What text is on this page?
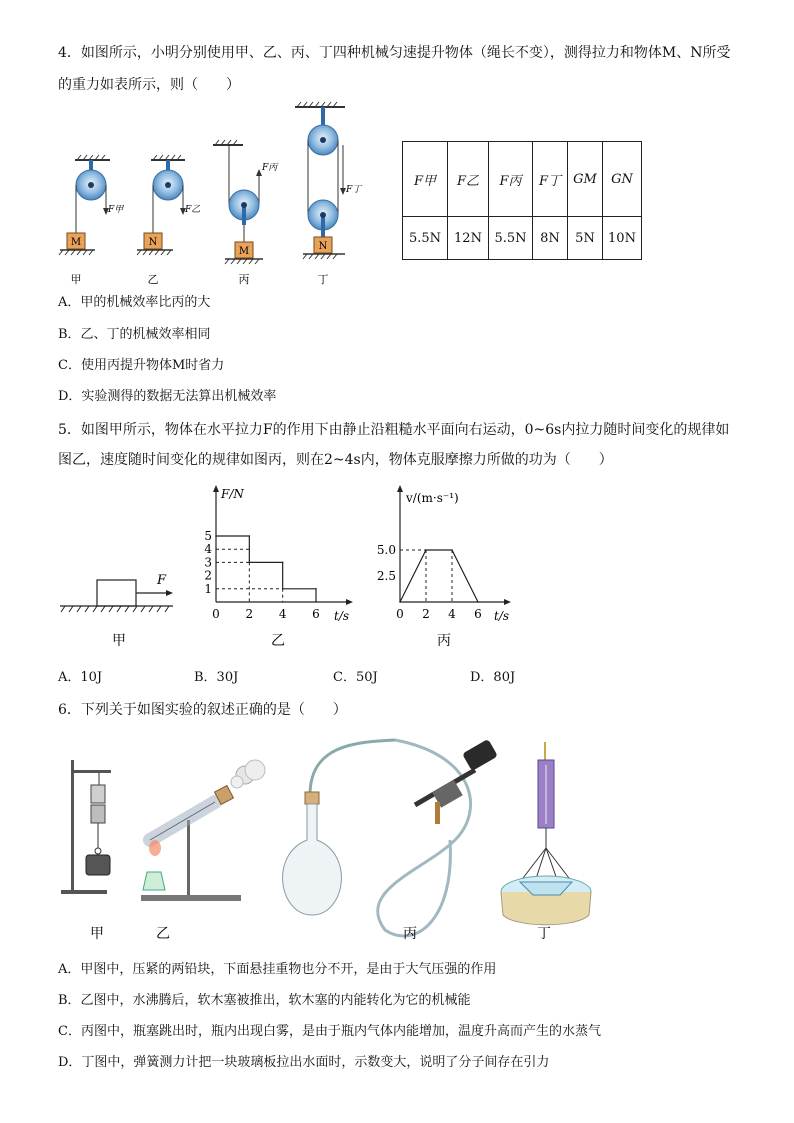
4．如图所示，小明分别使用甲、乙、丙、丁四种机械匀速提升物体（绳长不变），测得拉力和物体M、N所受
的重力如表所示，则（　　）
F甲
M
F乙
N
F丙
M
F丁
N
甲	乙	丙	丁
F甲	F乙	F丙	F丁	GM	GN
5.5N	12N	5.5N	8N	5N	10N
A．甲的机械效率比丙的大
B．乙、丁的机械效率相同
C．使用丙提升物体M时省力
D．实验测得的数据无法算出机械效率
5．如图甲所示，物体在水平拉力F的作用下由静止沿粗糙水平面向右运动，0~6s内拉力随时间变化的规律如
图乙，速度随时间变化的规律如图丙，则在2~4s内，物体克服摩擦力所做的功为（　　）
F
甲
F/N
t/s
0 2 4 6
5
4
3
2
1
乙
v/(m·s⁻¹)
t/s
0 2 4 6
5.0
2.5
丙
A．10J	B．30J	C．50J	D．80J
6．下列关于如图实验的叙述正确的是（　　）
甲	乙	丙	丁
A．甲图中，压紧的两铅块，下面悬挂重物也分不开，是由于大气压强的作用
B．乙图中，水沸腾后，软木塞被推出，软木塞的内能转化为它的机械能
C．丙图中，瓶塞跳出时，瓶内出现白雾，是由于瓶内气体内能增加，温度升高而产生的水蒸气
D．丁图中，弹簧测力计把一块玻璃板拉出水面时，示数变大，说明了分子间存在引力
